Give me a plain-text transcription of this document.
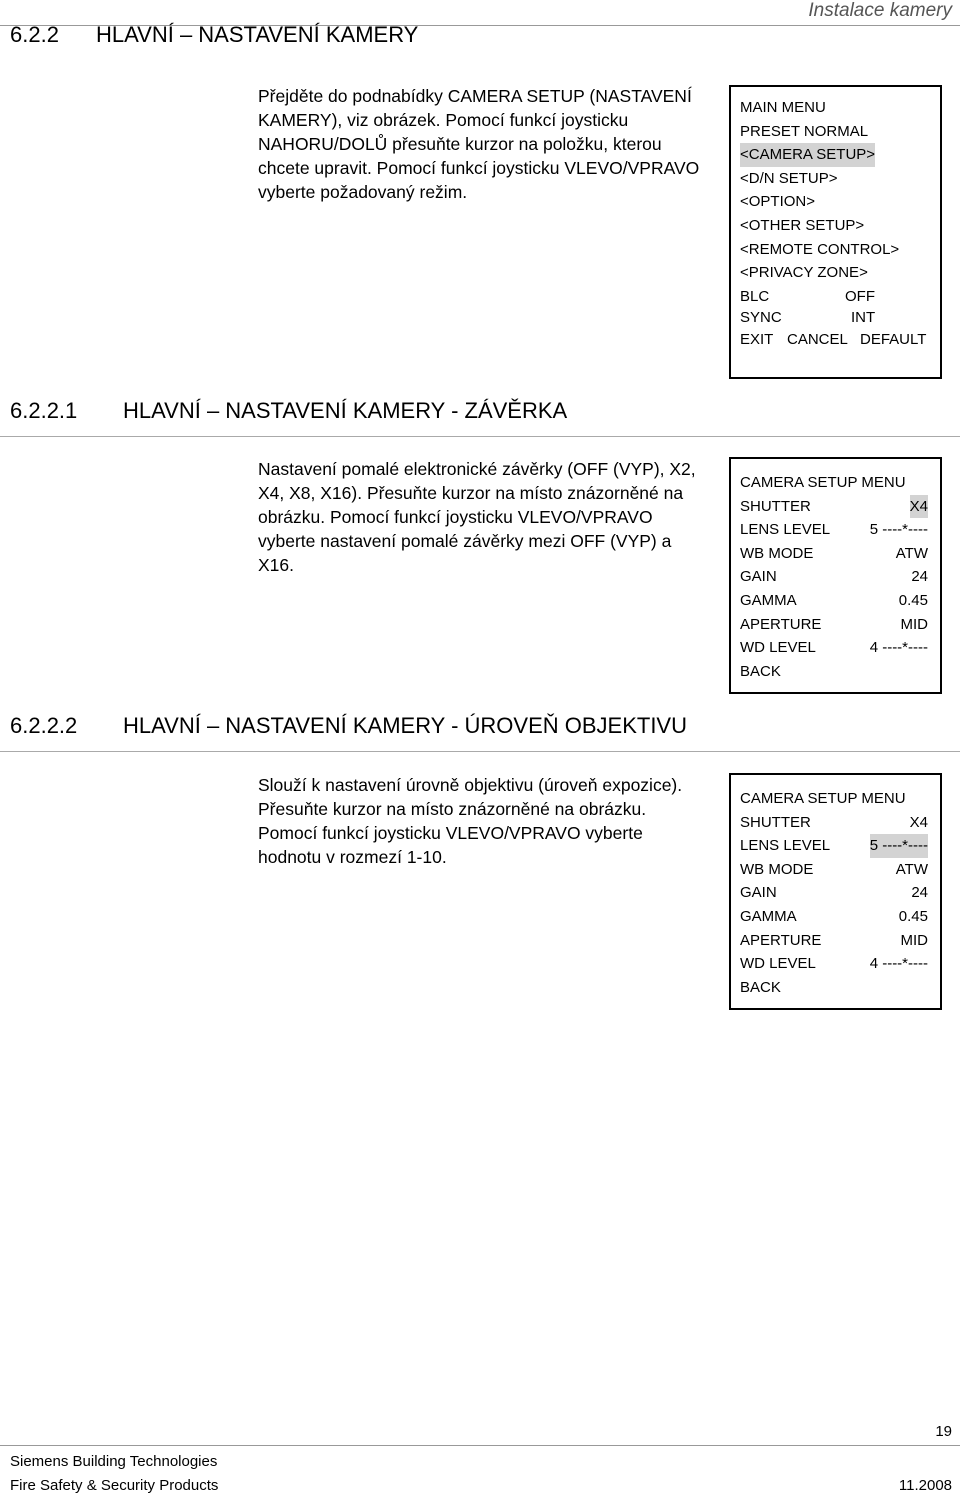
Instalace kamery
6.2.2 HLAVNÍ – NASTAVENÍ KAMERY
Přejděte do podnabídky CAMERA SETUP (NASTAVENÍ
KAMERY), viz obrázek. Pomocí funkcí joysticku
NAHORU/DOLŮ přesuňte kurzor na položku, kterou
chcete upravit. Pomocí funkcí joysticku VLEVO/VPRAVO
vyberte požadovaný režim.
MAIN MENU
PRESET NORMAL
<CAMERA SETUP>
<D/N SETUP>
<OPTION>
<OTHER SETUP>
<REMOTE CONTROL>
<PRIVACY ZONE>
BLC	OFF
SYNC	INT
EXIT CANCEL DEFAULT
6.2.2.1 HLAVNÍ – NASTAVENÍ KAMERY - ZÁVĚRKA
Nastavení pomalé elektronické závěrky (OFF (VYP), X2,
X4, X8, X16). Přesuňte kurzor na místo znázorněné na
obrázku. Pomocí funkcí joysticku VLEVO/VPRAVO
vyberte nastavení pomalé závěrky mezi OFF (VYP) a
X16.
CAMERA SETUP MENU
SHUTTER	X4
LENS LEVEL	5 ----*----
WB MODE	ATW
GAIN	24
GAMMA	0.45
APERTURE	MID
WD LEVEL	4 ----*----
BACK
6.2.2.2 HLAVNÍ – NASTAVENÍ KAMERY - ÚROVEŇ OBJEKTIVU
Slouží k nastavení úrovně objektivu (úroveň expozice).
Přesuňte kurzor na místo znázorněné na obrázku.
Pomocí funkcí joysticku VLEVO/VPRAVO vyberte
hodnotu v rozmezí 1-10.
CAMERA SETUP MENU
SHUTTER	X4
LENS LEVEL	5 ----*----
WB MODE	ATW
GAIN	24
GAMMA	0.45
APERTURE	MID
WD LEVEL	4 ----*----
BACK
19
Siemens Building Technologies
Fire Safety & Security Products	11.2008
